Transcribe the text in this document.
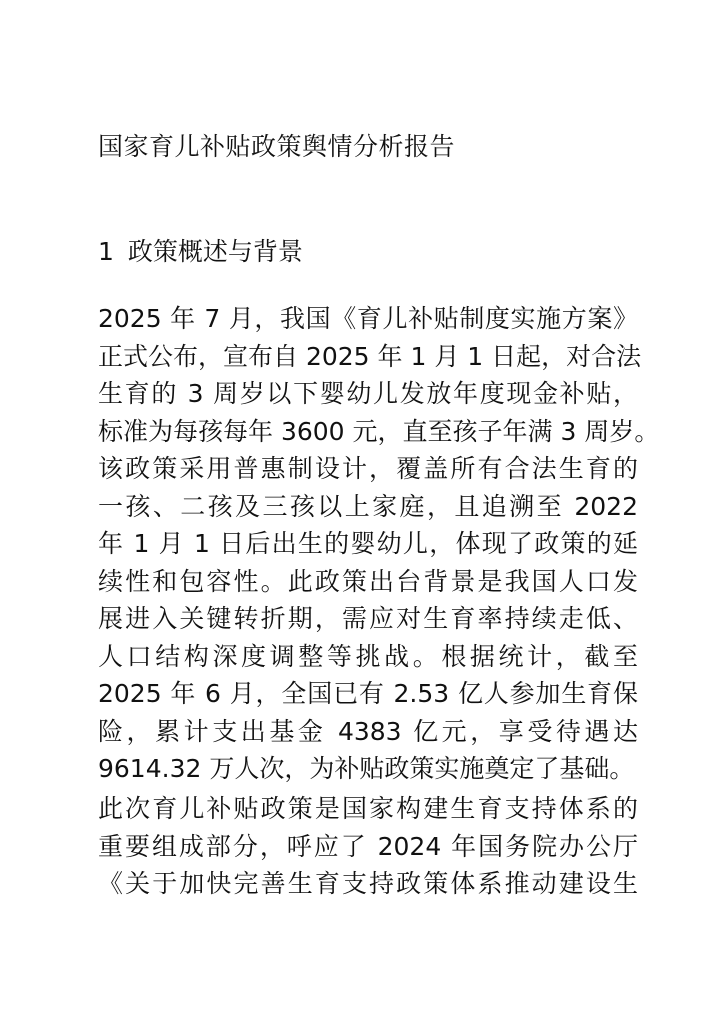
国家育儿补贴政策舆情分析报告
1 政策概述与背景
2025 年 7 月，我国《育儿补贴制度实施方案》
正式公布，宣布自 2025 年 1 月 1 日起，对合法
生育的 3 周岁以下婴幼儿发放年度现金补贴，
标准为每孩每年 3600 元，直至孩子年满 3 周岁。
该政策采用普惠制设计，覆盖所有合法生育的
一孩、二孩及三孩以上家庭，且追溯至 2022
年 1 月 1 日后出生的婴幼儿，体现了政策的延
续性和包容性。此政策出台背景是我国人口发
展进入关键转折期，需应对生育率持续走低、
人口结构深度调整等挑战。根据统计，截至
2025 年 6 月，全国已有 2.53 亿人参加生育保
险，累计支出基金 4383 亿元，享受待遇达
9614.32 万人次，为补贴政策实施奠定了基础。
此次育儿补贴政策是国家构建生育支持体系的
重要组成部分，呼应了 2024 年国务院办公厅
《关于加快完善生育支持政策体系推动建设生
